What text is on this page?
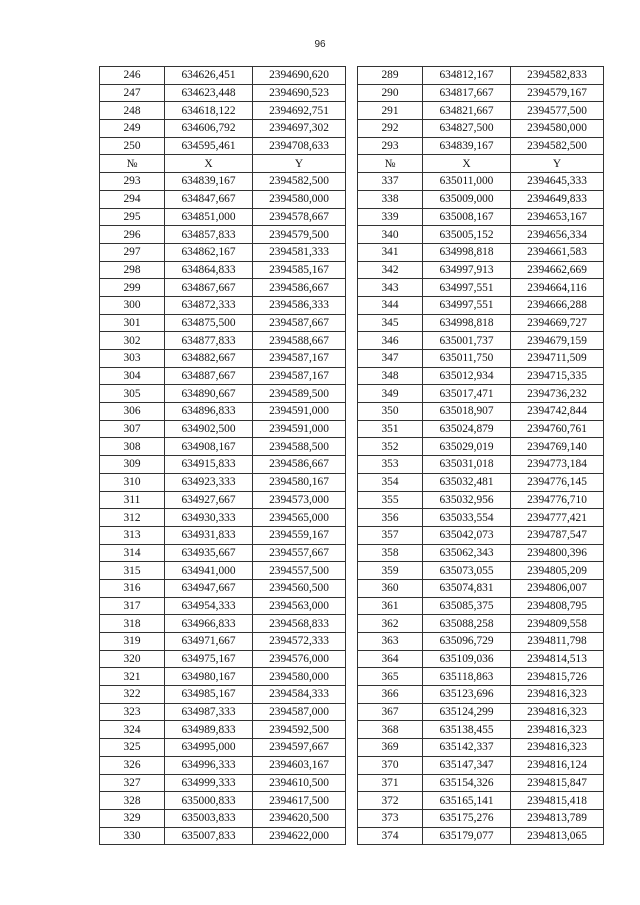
96
246	634626,451	2394690,620		289	634812,167	2394582,833
247	634623,448	2394690,523		290	634817,667	2394579,167
248	634618,122	2394692,751		291	634821,667	2394577,500
249	634606,792	2394697,302		292	634827,500	2394580,000
250	634595,461	2394708,633		293	634839,167	2394582,500
№	X	Y		№	X	Y
293	634839,167	2394582,500		337	635011,000	2394645,333
294	634847,667	2394580,000		338	635009,000	2394649,833
295	634851,000	2394578,667		339	635008,167	2394653,167
296	634857,833	2394579,500		340	635005,152	2394656,334
297	634862,167	2394581,333		341	634998,818	2394661,583
298	634864,833	2394585,167		342	634997,913	2394662,669
299	634867,667	2394586,667		343	634997,551	2394664,116
300	634872,333	2394586,333		344	634997,551	2394666,288
301	634875,500	2394587,667		345	634998,818	2394669,727
302	634877,833	2394588,667		346	635001,737	2394679,159
303	634882,667	2394587,167		347	635011,750	2394711,509
304	634887,667	2394587,167		348	635012,934	2394715,335
305	634890,667	2394589,500		349	635017,471	2394736,232
306	634896,833	2394591,000		350	635018,907	2394742,844
307	634902,500	2394591,000		351	635024,879	2394760,761
308	634908,167	2394588,500		352	635029,019	2394769,140
309	634915,833	2394586,667		353	635031,018	2394773,184
310	634923,333	2394580,167		354	635032,481	2394776,145
311	634927,667	2394573,000		355	635032,956	2394776,710
312	634930,333	2394565,000		356	635033,554	2394777,421
313	634931,833	2394559,167		357	635042,073	2394787,547
314	634935,667	2394557,667		358	635062,343	2394800,396
315	634941,000	2394557,500		359	635073,055	2394805,209
316	634947,667	2394560,500		360	635074,831	2394806,007
317	634954,333	2394563,000		361	635085,375	2394808,795
318	634966,833	2394568,833		362	635088,258	2394809,558
319	634971,667	2394572,333		363	635096,729	2394811,798
320	634975,167	2394576,000		364	635109,036	2394814,513
321	634980,167	2394580,000		365	635118,863	2394815,726
322	634985,167	2394584,333		366	635123,696	2394816,323
323	634987,333	2394587,000		367	635124,299	2394816,323
324	634989,833	2394592,500		368	635138,455	2394816,323
325	634995,000	2394597,667		369	635142,337	2394816,323
326	634996,333	2394603,167		370	635147,347	2394816,124
327	634999,333	2394610,500		371	635154,326	2394815,847
328	635000,833	2394617,500		372	635165,141	2394815,418
329	635003,833	2394620,500		373	635175,276	2394813,789
330	635007,833	2394622,000		374	635179,077	2394813,065
